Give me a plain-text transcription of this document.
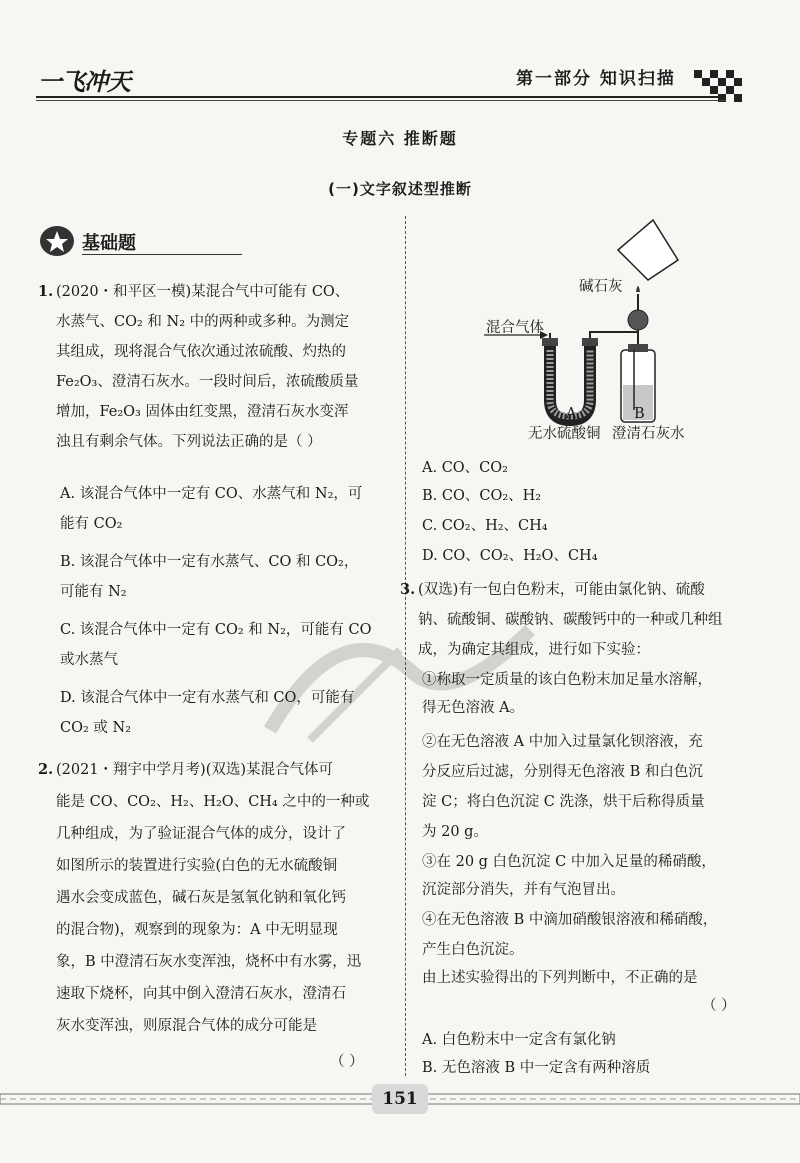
一飞冲天	第一部分 知识扫描
专题六 推断题
(一)文字叙述型推断
基础题
1. (2020・和平区一模)某混合气中可能有 CO、
水蒸气、CO₂ 和 N₂ 中的两种或多种。为测定
其组成，现将混合气依次通过浓硫酸、灼热的
Fe₂O₃、澄清石灰水。一段时间后，浓硫酸质量
增加，Fe₂O₃ 固体由红变黑，澄清石灰水变浑
浊且有剩余气体。下列说法正确的是（ ）
A. 该混合气体中一定有 CO、水蒸气和 N₂，可
能有 CO₂
B. 该混合气体中一定有水蒸气、CO 和 CO₂，
可能有 N₂
C. 该混合气体中一定有 CO₂ 和 N₂，可能有 CO
或水蒸气
D. 该混合气体中一定有水蒸气和 CO，可能有
CO₂ 或 N₂
2. (2021・翔宇中学月考)(双选)某混合气体可
能是 CO、CO₂、H₂、H₂O、CH₄ 之中的一种或
几种组成，为了验证混合气体的成分，设计了
如图所示的装置进行实验(白色的无水硫酸铜
遇水会变成蓝色，碱石灰是氢氧化钠和氧化钙
的混合物)，观察到的现象为：A 中无明显现
象，B 中澄清石灰水变浑浊，烧杯中有水雾，迅
速取下烧杯，向其中倒入澄清石灰水，澄清石
灰水变浑浊，则原混合气体的成分可能是
（ ）
混合气体
碱石灰
A	B
无水硫酸铜 澄清石灰水
A. CO、CO₂
B. CO、CO₂、H₂
C. CO₂、H₂、CH₄
D. CO、CO₂、H₂O、CH₄
3. (双选)有一包白色粉末，可能由氯化钠、硫酸
钠、硫酸铜、碳酸钠、碳酸钙中的一种或几种组
成，为确定其组成，进行如下实验：
①称取一定质量的该白色粉末加足量水溶解，
得无色溶液 A。
②在无色溶液 A 中加入过量氯化钡溶液，充
分反应后过滤，分别得无色溶液 B 和白色沉
淀 C；将白色沉淀 C 洗涤，烘干后称得质量
为 20 g。
③在 20 g 白色沉淀 C 中加入足量的稀硝酸，
沉淀部分消失，并有气泡冒出。
④在无色溶液 B 中滴加硝酸银溶液和稀硝酸，
产生白色沉淀。
由上述实验得出的下列判断中，不正确的是
（ ）
A. 白色粉末中一定含有氯化钠
B. 无色溶液 B 中一定含有两种溶质
151
